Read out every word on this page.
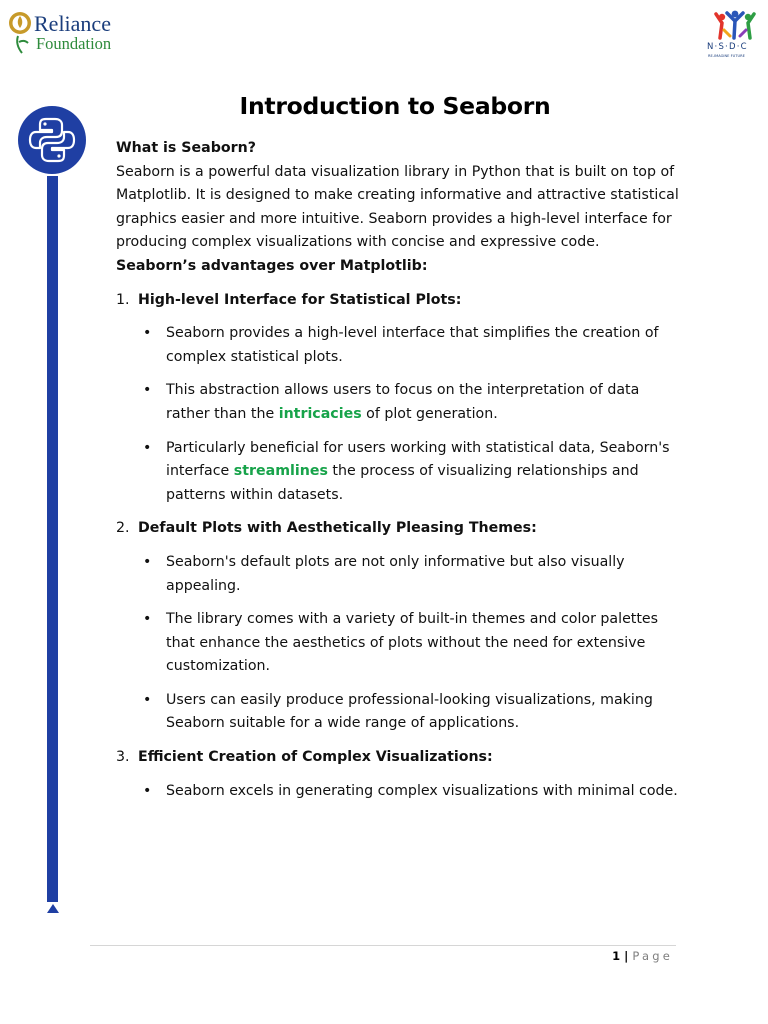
Reliance
Foundation	N·S·D·C
RE-IMAGINE FUTURE
Introduction to Seaborn

What is Seaborn?

Seaborn is a powerful data visualization library in Python that is built on top of Matplotlib. It is designed to make creating informative and attractive statistical graphics easier and more intuitive. Seaborn provides a high-level interface for producing complex visualizations with concise and expressive code.

Seaborn’s advantages over Matplotlib:

1. High-level Interface for Statistical Plots:
• Seaborn provides a high-level interface that simplifies the creation of complex statistical plots.
• This abstraction allows users to focus on the interpretation of data rather than the intricacies of plot generation.
• Particularly beneficial for users working with statistical data, Seaborn's interface streamlines the process of visualizing relationships and patterns within datasets.
2. Default Plots with Aesthetically Pleasing Themes:
• Seaborn's default plots are not only informative but also visually appealing.
• The library comes with a variety of built-in themes and color palettes that enhance the aesthetics of plots without the need for extensive customization.
• Users can easily produce professional-looking visualizations, making Seaborn suitable for a wide range of applications.
3. Efficient Creation of Complex Visualizations:
• Seaborn excels in generating complex visualizations with minimal code.
1 | Page
